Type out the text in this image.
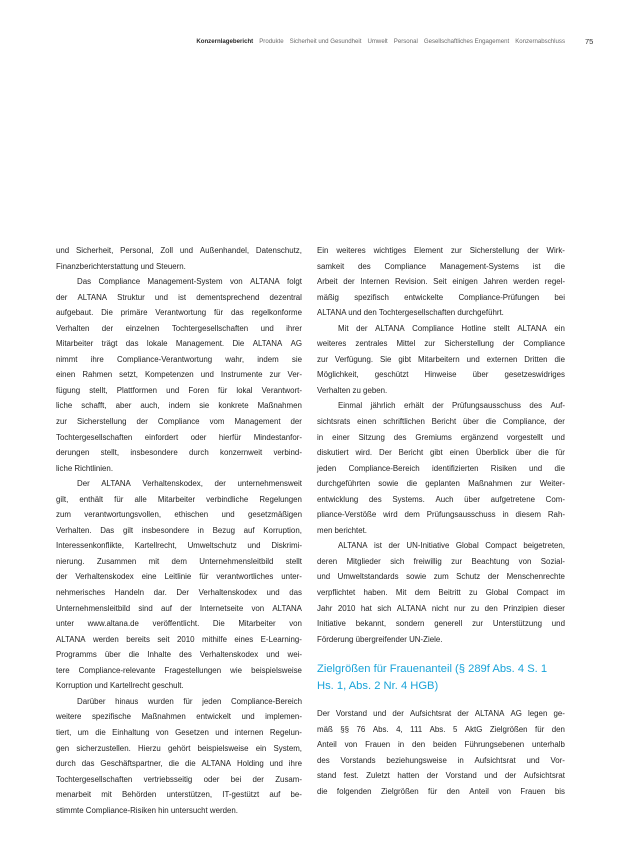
Konzernlagebericht Produkte Sicherheit und Gesundheit Umwelt Personal Gesellschaftliches Engagement Konzernabschluss	75
und Sicherheit, Personal, Zoll und Außenhandel, Datenschutz,
Finanzberichterstattung und Steuern.
Das Compliance Management-System von ALTANA folgt
der ALTANA Struktur und ist dementsprechend dezentral
aufgebaut. Die primäre Verantwortung für das regelkonforme
Verhalten der einzelnen Tochtergesellschaften und ihrer
Mitarbeiter trägt das lokale Management. Die ALTANA AG
nimmt ihre Compliance-Verantwortung wahr, indem sie
einen Rahmen setzt, Kompetenzen und Instrumente zur Ver-
fügung stellt, Plattformen und Foren für lokal Verantwort-
liche schafft, aber auch, indem sie konkrete Maßnahmen
zur Sicherstellung der Compliance vom Management der
Tochtergesellschaften einfordert oder hierfür Mindestanfor-
derungen stellt, insbesondere durch konzernweit verbind-
liche Richtlinien.
Der ALTANA Verhaltenskodex, der unternehmensweit
gilt, enthält für alle Mitarbeiter verbindliche Regelungen
zum verantwortungsvollen, ethischen und gesetzmäßigen
Verhalten. Das gilt insbesondere in Bezug auf Korruption,
Interessenkonflikte, Kartellrecht, Umweltschutz und Diskrimi-
nierung. Zusammen mit dem Unternehmensleitbild stellt
der Verhaltenskodex eine Leitlinie für verantwortliches unter-
nehmerisches Handeln dar. Der Verhaltenskodex und das
Unternehmensleitbild sind auf der Internetseite von ALTANA
unter www.altana.de veröffentlicht. Die Mitarbeiter von
ALTANA werden bereits seit 2010 mithilfe eines E-Learning-
Programms über die Inhalte des Verhaltenskodex und wei-
tere Compliance-relevante Fragestellungen wie beispielsweise
Korruption und Kartellrecht geschult.
Darüber hinaus wurden für jeden Compliance-Bereich
weitere spezifische Maßnahmen entwickelt und implemen-
tiert, um die Einhaltung von Gesetzen und internen Regelun-
gen sicherzustellen. Hierzu gehört beispielsweise ein System,
durch das Geschäftspartner, die die ALTANA Holding und ihre
Tochtergesellschaften vertriebsseitig oder bei der Zusam-
menarbeit mit Behörden unterstützen, IT-gestützt auf be-
stimmte Compliance-Risiken hin untersucht werden.
Ein weiteres wichtiges Element zur Sicherstellung der Wirk-
samkeit des Compliance Management-Systems ist die
Arbeit der Internen Revision. Seit einigen Jahren werden regel-
mäßig spezifisch entwickelte Compliance-Prüfungen bei
ALTANA und den Tochtergesellschaften durchgeführt.
Mit der ALTANA Compliance Hotline stellt ALTANA ein
weiteres zentrales Mittel zur Sicherstellung der Compliance
zur Verfügung. Sie gibt Mitarbeitern und externen Dritten die
Möglichkeit, geschützt Hinweise über gesetzeswidriges
Verhalten zu geben.
Einmal jährlich erhält der Prüfungsausschuss des Auf-
sichtsrats einen schriftlichen Bericht über die Compliance, der
in einer Sitzung des Gremiums ergänzend vorgestellt und
diskutiert wird. Der Bericht gibt einen Überblick über die für
jeden Compliance-Bereich identifizierten Risiken und die
durchgeführten sowie die geplanten Maßnahmen zur Weiter-
entwicklung des Systems. Auch über aufgetretene Com-
pliance-Verstöße wird dem Prüfungsausschuss in diesem Rah-
men berichtet.
ALTANA ist der UN-Initiative Global Compact beigetreten,
deren Mitglieder sich freiwillig zur Beachtung von Sozial-
und Umweltstandards sowie zum Schutz der Menschenrechte
verpflichtet haben. Mit dem Beitritt zu Global Compact im
Jahr 2010 hat sich ALTANA nicht nur zu den Prinzipien dieser
Initiative bekannt, sondern generell zur Unterstützung und
Förderung übergreifender UN-Ziele.
Zielgrößen für Frauenanteil (§ 289f Abs. 4 S. 1
Hs. 1, Abs. 2 Nr. 4 HGB)
Der Vorstand und der Aufsichtsrat der ALTANA AG legen ge-
mäß §§ 76 Abs. 4, 111 Abs. 5 AktG Zielgrößen für den
Anteil von Frauen in den beiden Führungsebenen unterhalb
des Vorstands beziehungsweise in Aufsichtsrat und Vor-
stand fest. Zuletzt hatten der Vorstand und der Aufsichtsrat
die folgenden Zielgrößen für den Anteil von Frauen bis
